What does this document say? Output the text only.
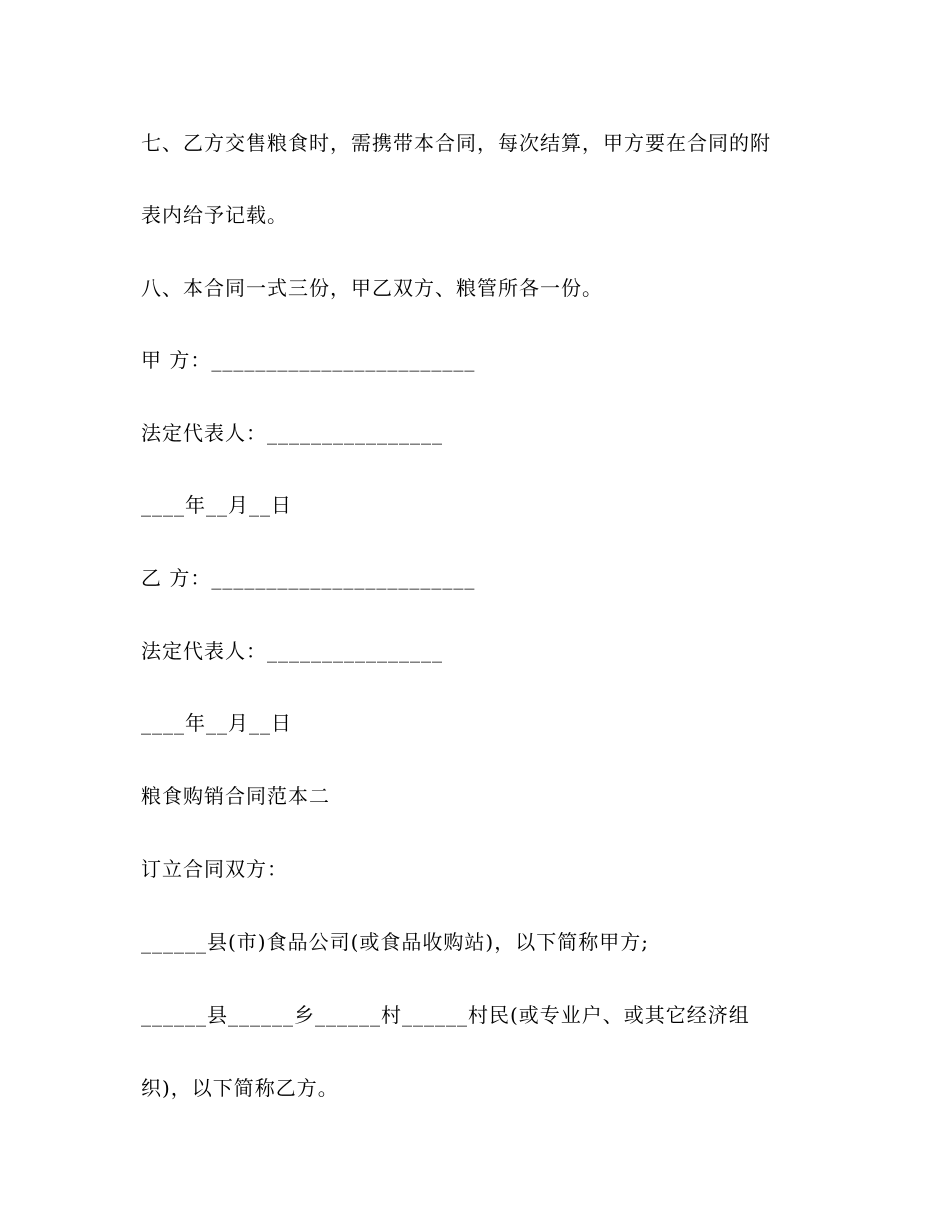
七、乙方交售粮食时，需携带本合同，每次结算，甲方要在合同的附
表内给予记载。
八、本合同一式三份，甲乙双方、粮管所各一份。
甲 方：________________________
法定代表人：________________
____年__月__日
乙 方：________________________
法定代表人：________________
____年__月__日
粮食购销合同范本二
订立合同双方：
______县(市)食品公司(或食品收购站)，以下简称甲方;
______县______乡______村______村民(或专业户、或其它经济组
织)，以下简称乙方。
